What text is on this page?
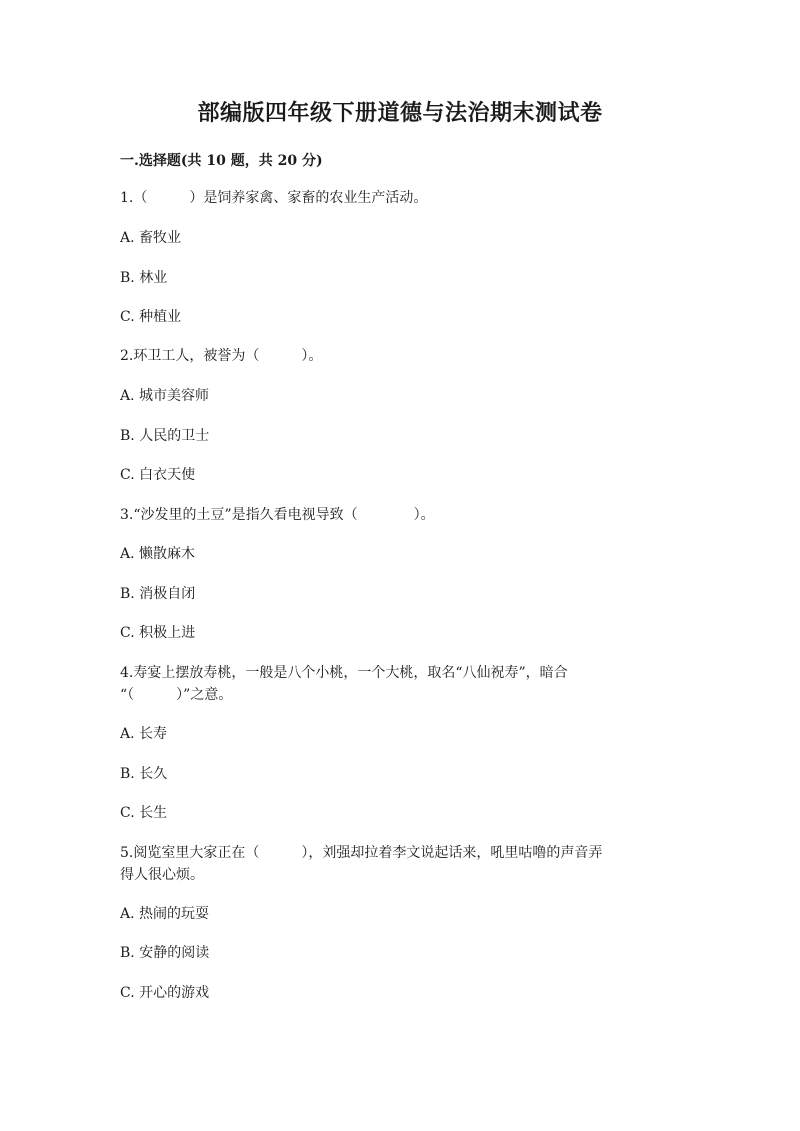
部编版四年级下册道德与法治期末测试卷
一.选择题(共 10 题，共 20 分)
1.（　　　）是饲养家禽、家畜的农业生产活动。
A. 畜牧业
B. 林业
C. 种植业
2.环卫工人，被誉为（　　　）。
A. 城市美容师
B. 人民的卫士
C. 白衣天使
3.“沙发里的土豆”是指久看电视导致（　　　　）。
A. 懒散麻木
B. 消极自闭
C. 积极上进
4.寿宴上摆放寿桃，一般是八个小桃，一个大桃，取名“八仙祝寿”，暗合
“（　　　）”之意。
A. 长寿
B. 长久
C. 长生
5.阅览室里大家正在（　　　），刘强却拉着李文说起话来，吼里咕噜的声音弄
得人很心烦。
A. 热闹的玩耍
B. 安静的阅读
C. 开心的游戏
